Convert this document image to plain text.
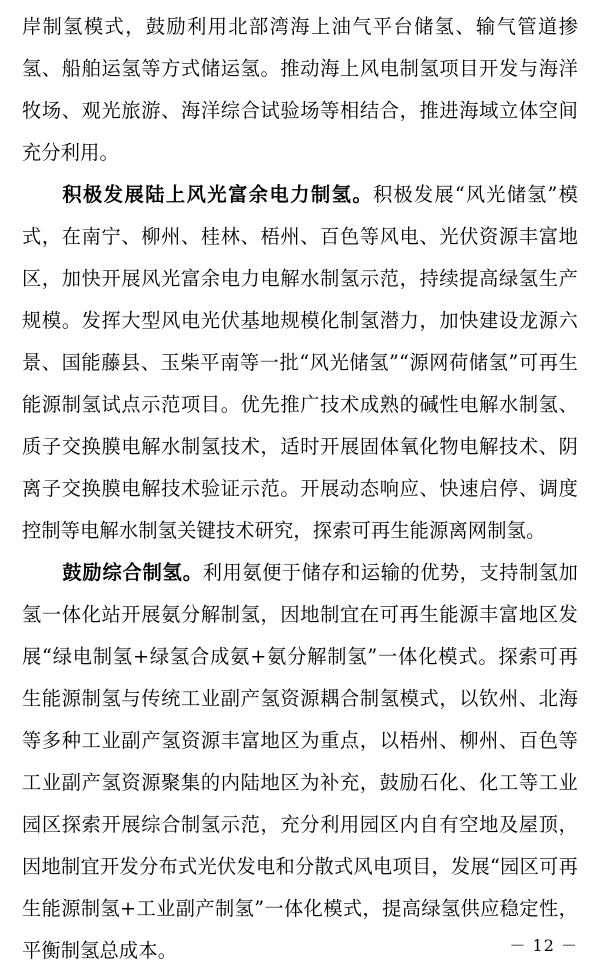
岸制氢模式，鼓励利用北部湾海上油气平台储氢、输气管道掺氢、船舶运氢等方式储运氢。推动海上风电制氢项目开发与海洋牧场、观光旅游、海洋综合试验场等相结合，推进海域立体空间充分利用。

积极发展陆上风光富余电力制氢。积极发展“风光储氢”模式，在南宁、柳州、桂林、梧州、百色等风电、光伏资源丰富地区，加快开展风光富余电力电解水制氢示范，持续提高绿氢生产规模。发挥大型风电光伏基地规模化制氢潜力，加快建设龙源六景、国能藤县、玉柴平南等一批“风光储氢”“源网荷储氢”可再生能源制氢试点示范项目。优先推广技术成熟的碱性电解水制氢、质子交换膜电解水制氢技术，适时开展固体氧化物电解技术、阴离子交换膜电解技术验证示范。开展动态响应、快速启停、调度控制等电解水制氢关键技术研究，探索可再生能源离网制氢。

鼓励综合制氢。利用氨便于储存和运输的优势，支持制氢加氢一体化站开展氨分解制氢，因地制宜在可再生能源丰富地区发展“绿电制氢+绿氢合成氨+氨分解制氢”一体化模式。探索可再生能源制氢与传统工业副产氢资源耦合制氢模式，以钦州、北海等多种工业副产氢资源丰富地区为重点，以梧州、柳州、百色等工业副产氢资源聚集的内陆地区为补充，鼓励石化、化工等工业园区探索开展综合制氢示范，充分利用园区内自有空地及屋顶，因地制宜开发分布式光伏发电和分散式风电项目，发展“园区可再生能源制氢+工业副产制氢”一体化模式，提高绿氢供应稳定性，平衡制氢总成本。	－ 12 －
